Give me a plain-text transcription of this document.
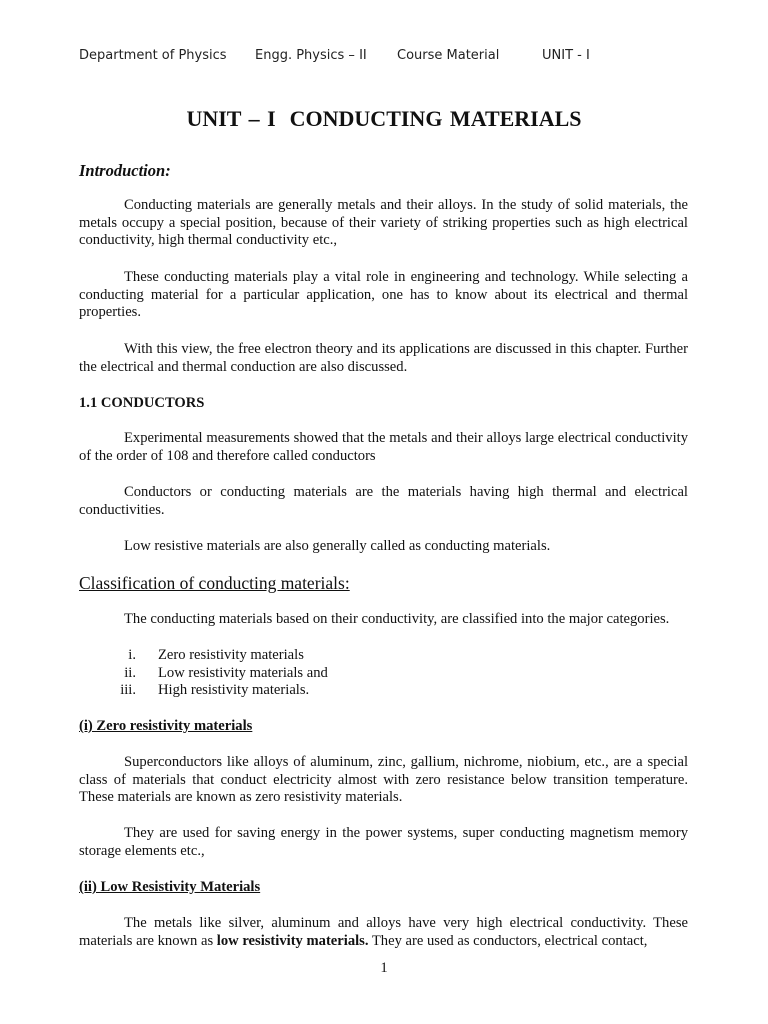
Department of Physics Engg. Physics – II Course Material	UNIT - I
UNIT – I CONDUCTING MATERIALS
Introduction:

Conducting materials are generally metals and their alloys. In the study of solid materials, the metals occupy a special position, because of their variety of striking properties such as high electrical conductivity, high thermal conductivity etc.,

These conducting materials play a vital role in engineering and technology. While selecting a conducting material for a particular application, one has to know about its electrical and thermal properties.

With this view, the free electron theory and its applications are discussed in this chapter. Further the electrical and thermal conduction are also discussed.

1.1 CONDUCTORS

Experimental measurements showed that the metals and their alloys large electrical conductivity of the order of 108 and therefore called conductors

Conductors or conducting materials are the materials having high thermal and electrical conductivities.

Low resistive materials are also generally called as conducting materials.

Classification of conducting materials:

The conducting materials based on their conductivity, are classified into the major categories.

i. Zero resistivity materials
ii. Low resistivity materials and
iii. High resistivity materials.
(i) Zero resistivity materials

Superconductors like alloys of aluminum, zinc, gallium, nichrome, niobium, etc., are a special class of materials that conduct electricity almost with zero resistance below transition temperature. These materials are known as zero resistivity materials.

They are used for saving energy in the power systems, super conducting magnetism memory storage elements etc.,

(ii) Low Resistivity Materials

The metals like silver, aluminum and alloys have very high electrical conductivity. These materials are known as low resistivity materials. They are used as conductors, electrical contact,

1
